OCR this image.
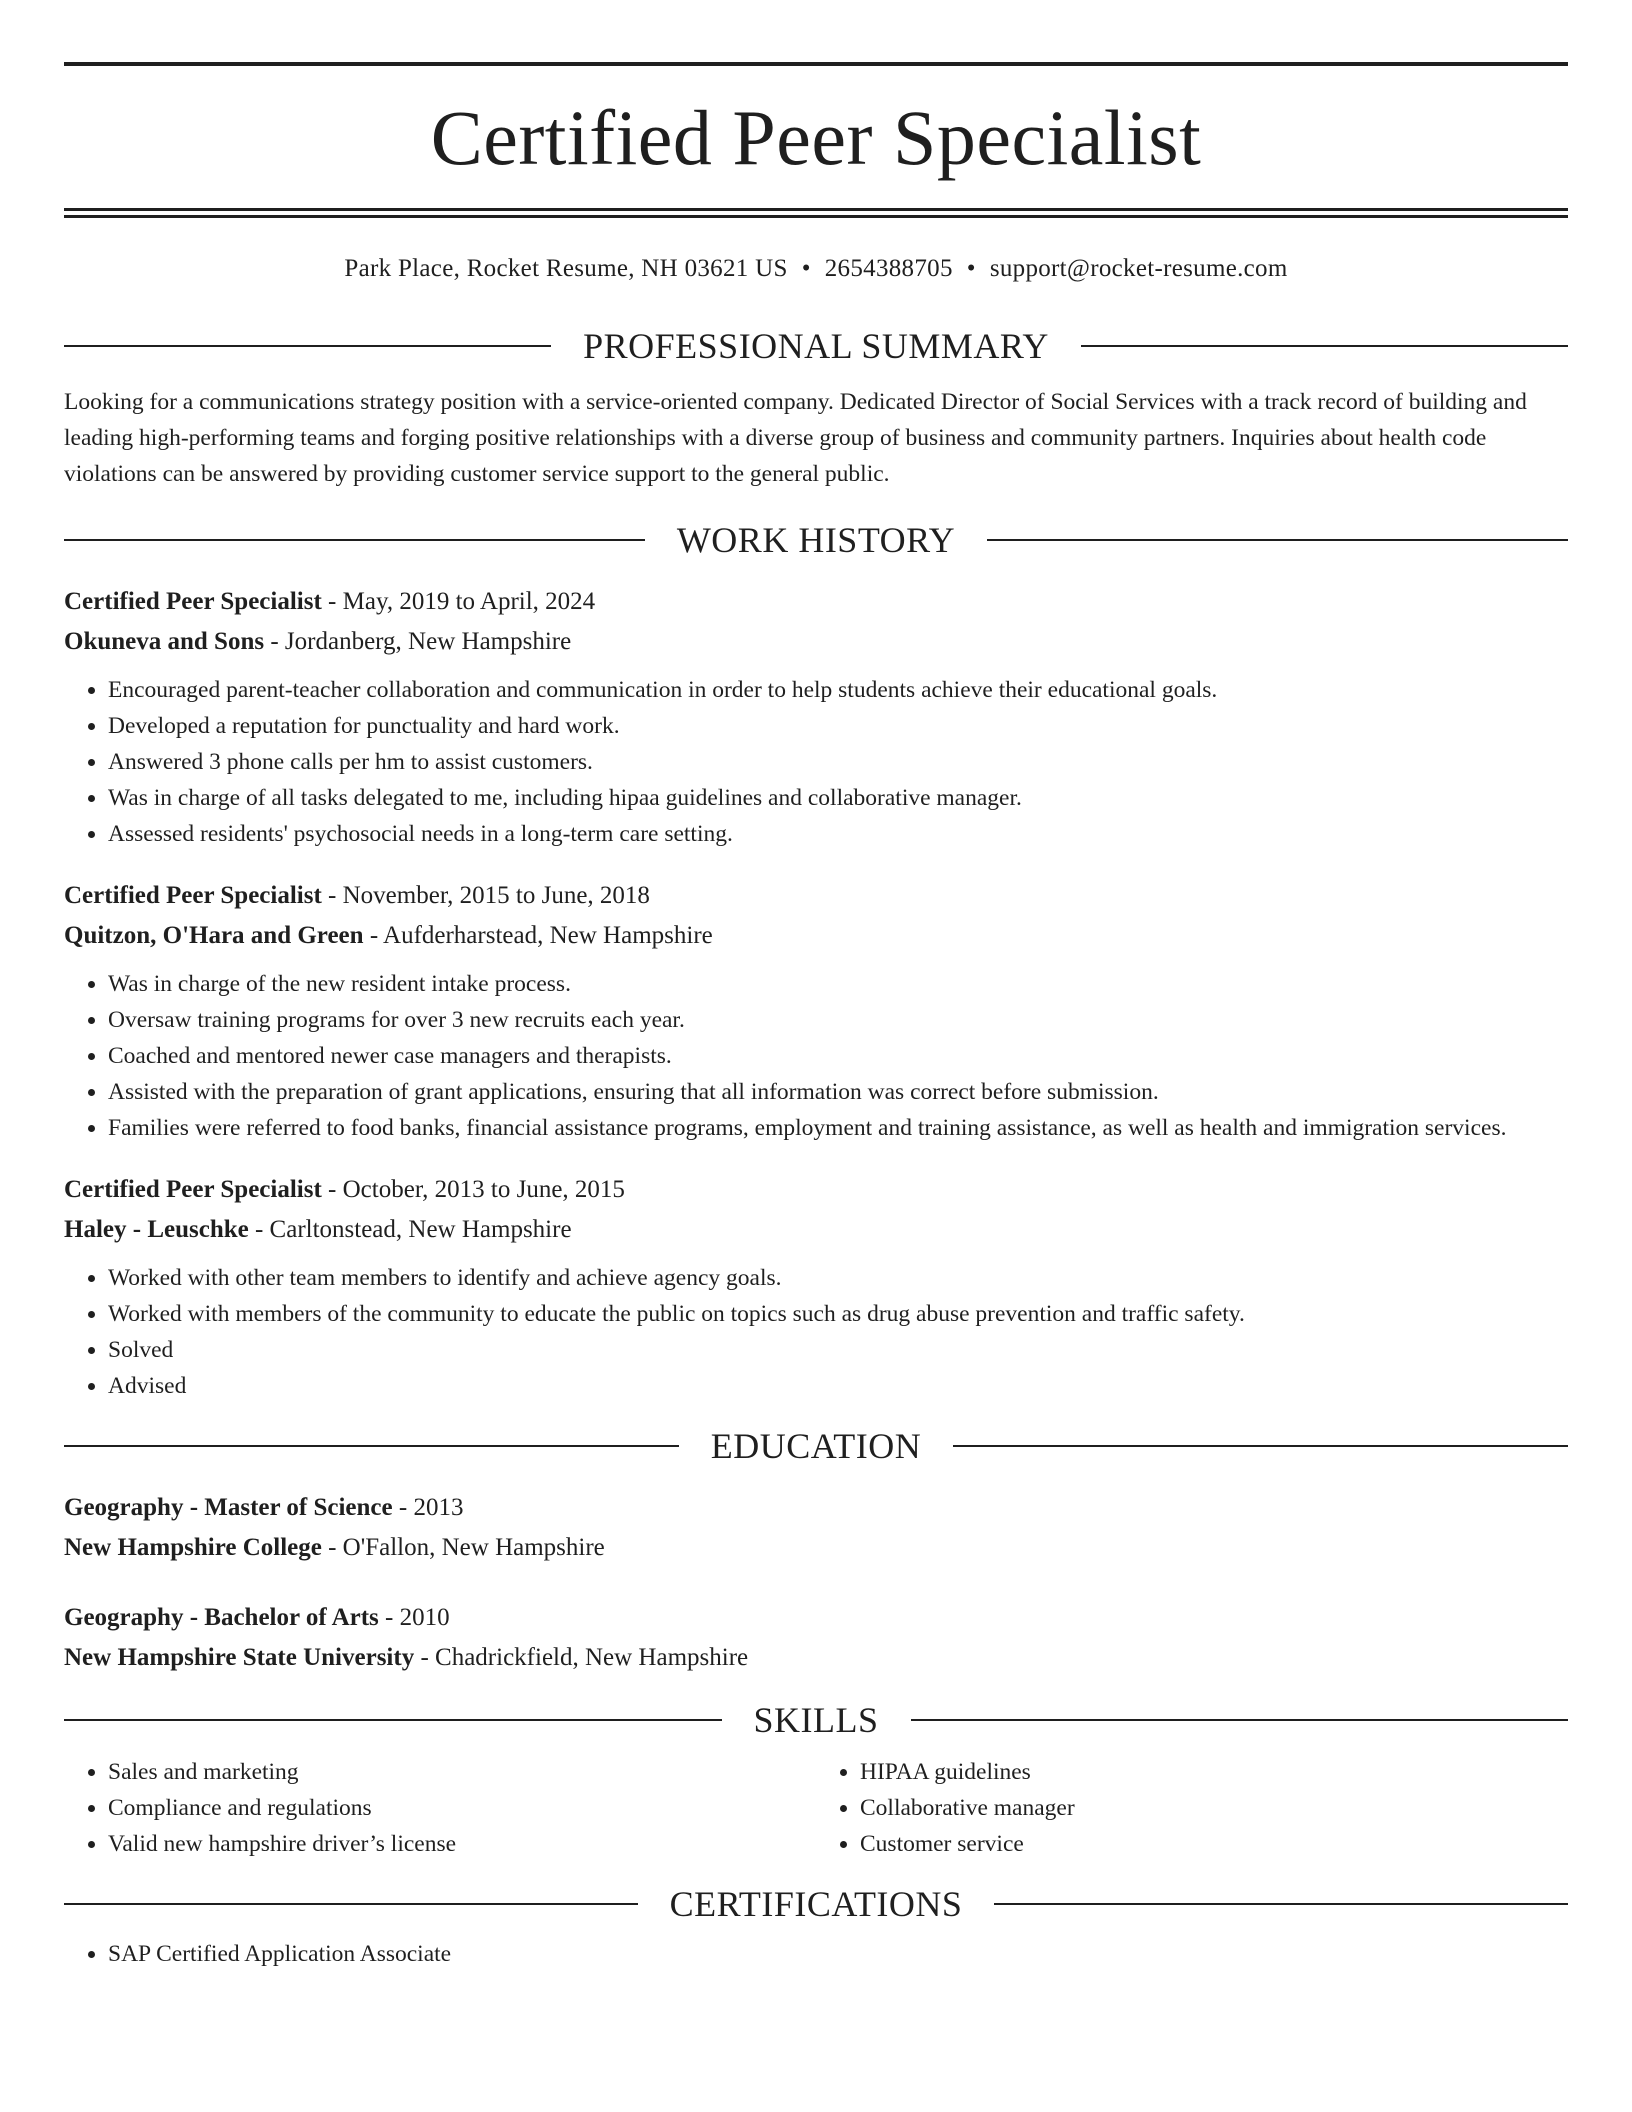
Certified Peer Specialist
Park Place, Rocket Resume, NH 03621 US • 2654388705 • support@rocket-resume.com
PROFESSIONAL SUMMARY

Looking for a communications strategy position with a service-oriented company. Dedicated Director of Social Services with a track record of building and leading high-performing teams and forging positive relationships with a diverse group of business and community partners. Inquiries about health code violations can be answered by providing customer service support to the general public.

WORK HISTORY
Certified Peer Specialist - May, 2019 to April, 2024
Okuneva and Sons - Jordanberg, New Hampshire
• Encouraged parent-teacher collaboration and communication in order to help students achieve their educational goals.
• Developed a reputation for punctuality and hard work.
• Answered 3 phone calls per hm to assist customers.
• Was in charge of all tasks delegated to me, including hipaa guidelines and collaborative manager.
• Assessed residents' psychosocial needs in a long-term care setting.
Certified Peer Specialist - November, 2015 to June, 2018
Quitzon, O'Hara and Green - Aufderharstead, New Hampshire
• Was in charge of the new resident intake process.
• Oversaw training programs for over 3 new recruits each year.
• Coached and mentored newer case managers and therapists.
• Assisted with the preparation of grant applications, ensuring that all information was correct before submission.
• Families were referred to food banks, financial assistance programs, employment and training assistance, as well as health and immigration services.
Certified Peer Specialist - October, 2013 to June, 2015
Haley - Leuschke - Carltonstead, New Hampshire
• Worked with other team members to identify and achieve agency goals.
• Worked with members of the community to educate the public on topics such as drug abuse prevention and traffic safety.
• Solved
• Advised
EDUCATION
Geography - Master of Science - 2013
New Hampshire College - O'Fallon, New Hampshire
Geography - Bachelor of Arts - 2010
New Hampshire State University - Chadrickfield, New Hampshire
SKILLS
• Sales and marketing
• Compliance and regulations
• Valid new hampshire driver’s license
• HIPAA guidelines
• Collaborative manager
• Customer service
CERTIFICATIONS
• SAP Certified Application Associate
